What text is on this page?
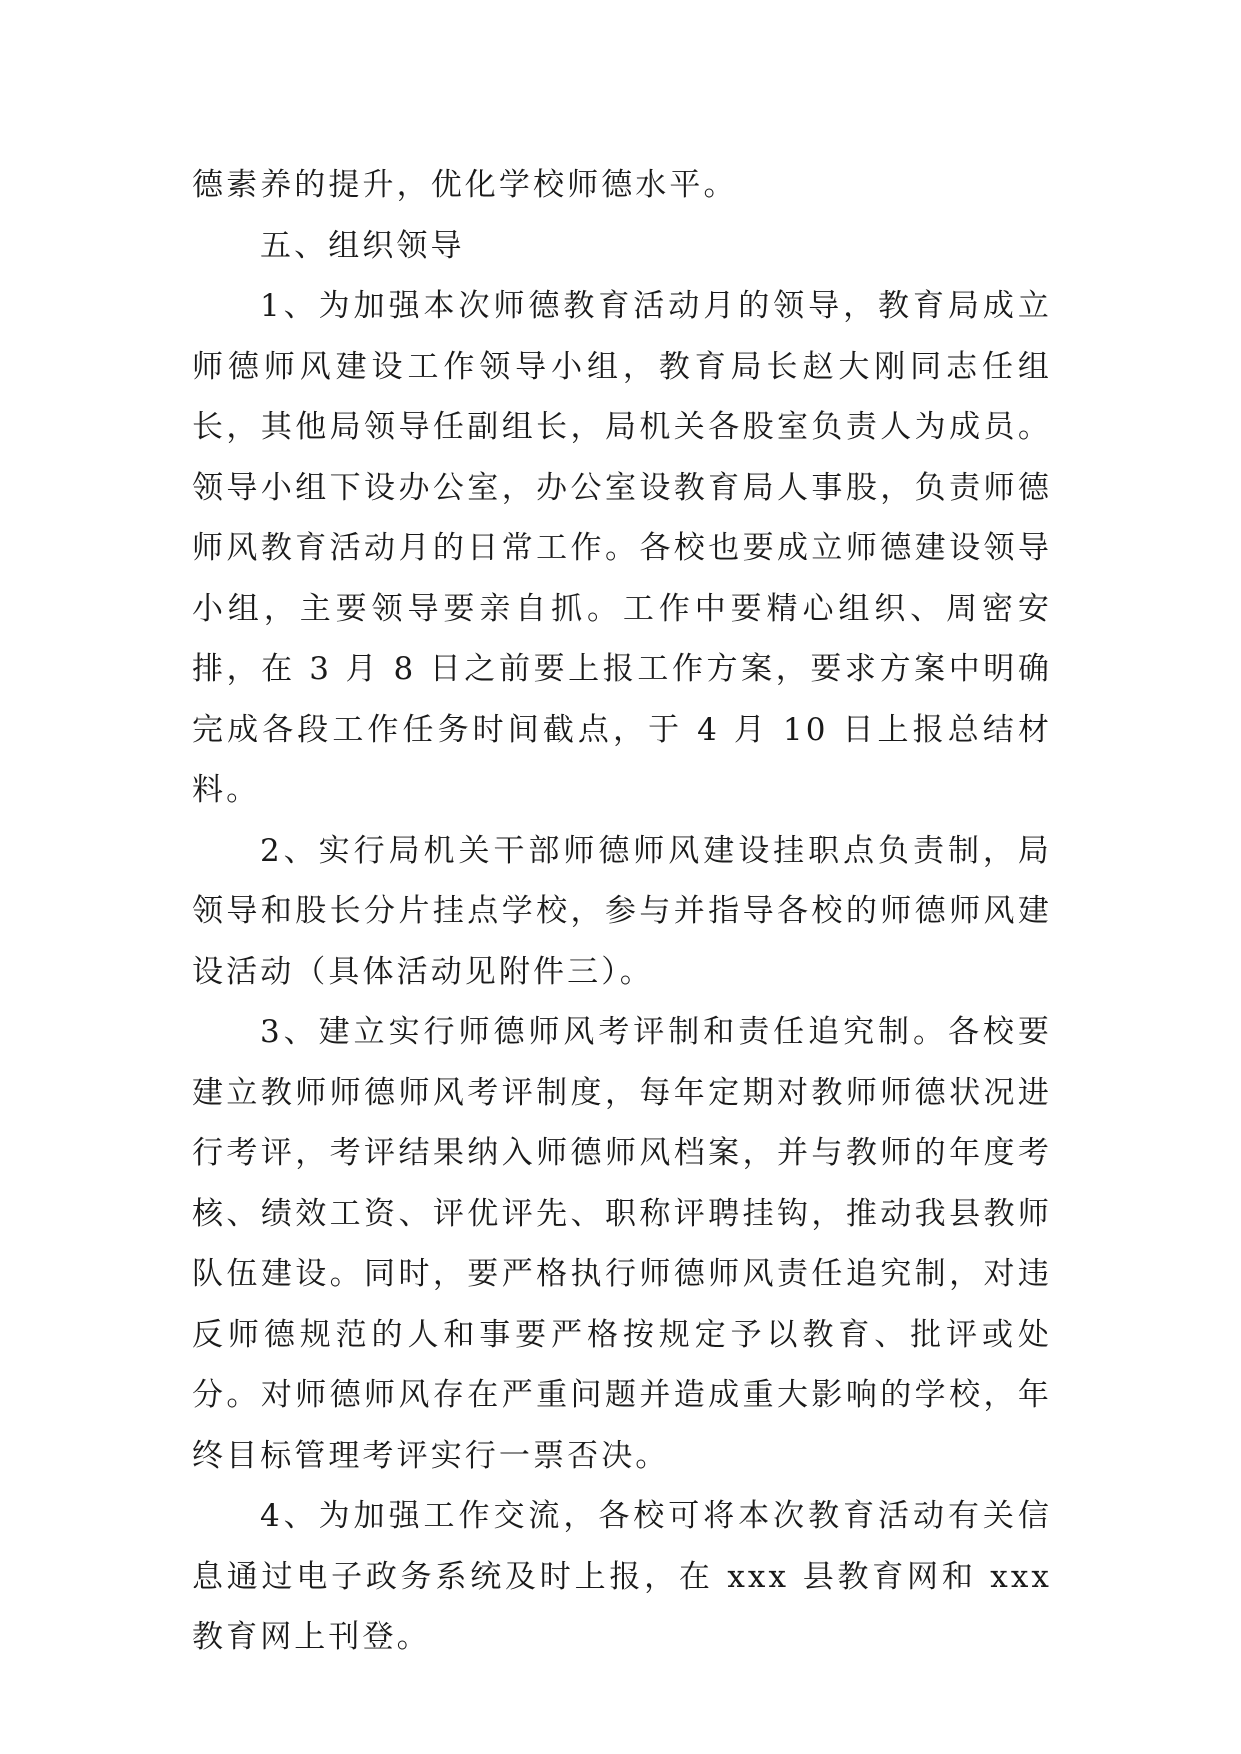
德素养的提升，优化学校师德水平。

五、组织领导

1、为加强本次师德教育活动月的领导，教育局成立师德师风建设工作领导小组，教育局长赵大刚同志任组长，其他局领导任副组长，局机关各股室负责人为成员。领导小组下设办公室，办公室设教育局人事股，负责师德师风教育活动月的日常工作。各校也要成立师德建设领导小组，主要领导要亲自抓。工作中要精心组织、周密安排，在 3 月 8 日之前要上报工作方案，要求方案中明确完成各段工作任务时间截点，于 4 月 10 日上报总结材料。

2、实行局机关干部师德师风建设挂职点负责制，局领导和股长分片挂点学校，参与并指导各校的师德师风建设活动（具体活动见附件三）。

3、建立实行师德师风考评制和责任追究制。各校要建立教师师德师风考评制度，每年定期对教师师德状况进行考评，考评结果纳入师德师风档案，并与教师的年度考核、绩效工资、评优评先、职称评聘挂钩，推动我县教师队伍建设。同时，要严格执行师德师风责任追究制，对违反师德规范的人和事要严格按规定予以教育、批评或处分。对师德师风存在严重问题并造成重大影响的学校，年终目标管理考评实行一票否决。

4、为加强工作交流，各校可将本次教育活动有关信息通过电子政务系统及时上报，在 xxx 县教育网和 xxx 教育网上刊登。
